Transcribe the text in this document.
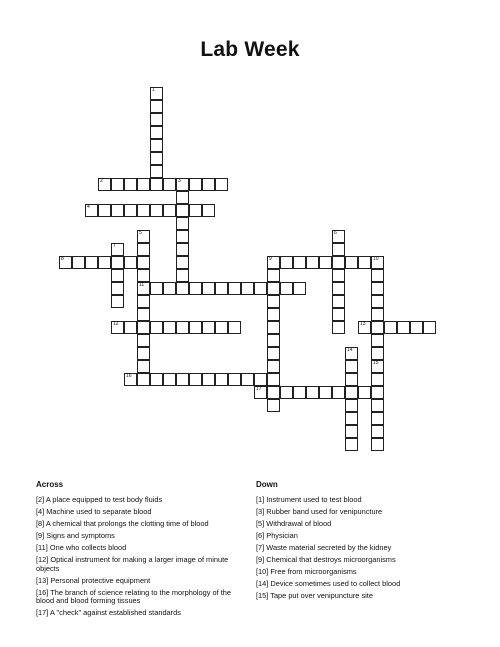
Lab Week
1
2	3
4
5
11
6
7
8	9	10
12	13
14
15
16
17
Across	Down
[2] A place equipped to test body fluids
[4] Machine used to separate blood
[8] A chemical that prolongs the clotting time of blood
[9] Signs and symptoms
[11] One who collects blood
[12] Optical instrument for making a larger image of minute objects
[13] Personal protective equipment
[16] The branch of science relating to the morphology of the blood and blood forming tissues
[17] A "check" against established standards
[1] Instrument used to test blood
[3] Rubber band used for venipuncture
[5] Withdrawal of blood
[6] Physician
[7] Waste material secreted by the kidney
[9] Chemical that destroys microorganisms
[10] Free from microorganisms
[14] Device sometimes used to collect blood
[15] Tape put over venipuncture site
